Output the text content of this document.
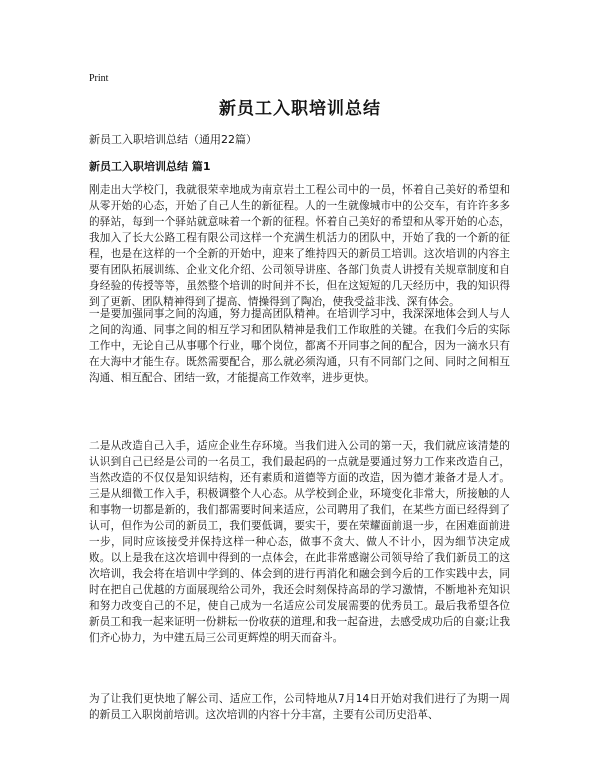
Print
新员工入职培训总结
新员工入职培训总结（通用22篇）
新员工入职培训总结 篇1

刚走出大学校门，我就很荣幸地成为南京岩土工程公司中的一员，怀着自己美好的希望和从零开始的心态，开始了自己人生的新征程。人的一生就像城市中的公交车，有许许多多的驿站，每到一个驿站就意味着一个新的征程。怀着自己美好的希望和从零开始的心态，我加入了长大公路工程有限公司这样一个充满生机活力的团队中，开始了我的一个新的征程，也是在这样的一个全新的开始中，迎来了维持四天的新员工培训。这次培训的内容主要有团队拓展训练、企业文化介绍、公司领导讲座、各部门负责人讲授有关规章制度和自身经验的传授等等，虽然整个培训的时间并不长，但在这短短的几天经历中，我的知识得到了更新、团队精神得到了提高、情操得到了陶冶，使我受益非浅、深有体会。

一是要加强同事之间的沟通，努力提高团队精神。在培训学习中，我深深地体会到人与人之间的沟通、同事之间的相互学习和团队精神是我们工作取胜的关键。在我们今后的实际工作中，无论自己从事哪个行业，哪个岗位，都离不开同事之间的配合，因为一滴水只有在大海中才能生存。既然需要配合，那么就必须沟通，只有不同部门之间、同时之间相互沟通、相互配合、团结一致，才能提高工作效率，进步更快。

二是从改造自己入手，适应企业生存环境。当我们进入公司的第一天，我们就应该清楚的认识到自己已经是公司的一名员工，我们最起码的一点就是要通过努力工作来改造自己，当然改造的不仅仅是知识结构，还有素质和道德等方面的改造，因为德才兼备才是人才。三是从细微工作入手，积极调整个人心态。从学校到企业，环境变化非常大，所接触的人和事物一切都是新的，我们都需要时间来适应，公司聘用了我们，在某些方面已经得到了认可，但作为公司的新员工，我们要低调，要实干，要在荣耀面前退一步，在困难面前进一步，同时应该接受并保持这样一种心态，做事不贪大、做人不计小，因为细节决定成败。以上是我在这次培训中得到的一点体会，在此非常感谢公司领导给了我们新员工的这次培训，我会将在培训中学到的、体会到的进行再消化和融会到今后的工作实践中去，同时在把自己优越的方面展现给公司外，我还会时刻保持高昂的学习激情，不断地补充知识和努力改变自己的不足，使自己成为一名适应公司发展需要的优秀员工。最后我希望各位新员工和我一起来证明一份耕耘一份收获的道理,和我一起奋进，去感受成功后的自豪;让我们齐心协力，为中建五局三公司更辉煌的明天而奋斗。

为了让我们更快地了解公司、适应工作，公司特地从7月14日开始对我们进行了为期一周的新员工入职岗前培训。这次培训的内容十分丰富，主要有公司历史沿革、
